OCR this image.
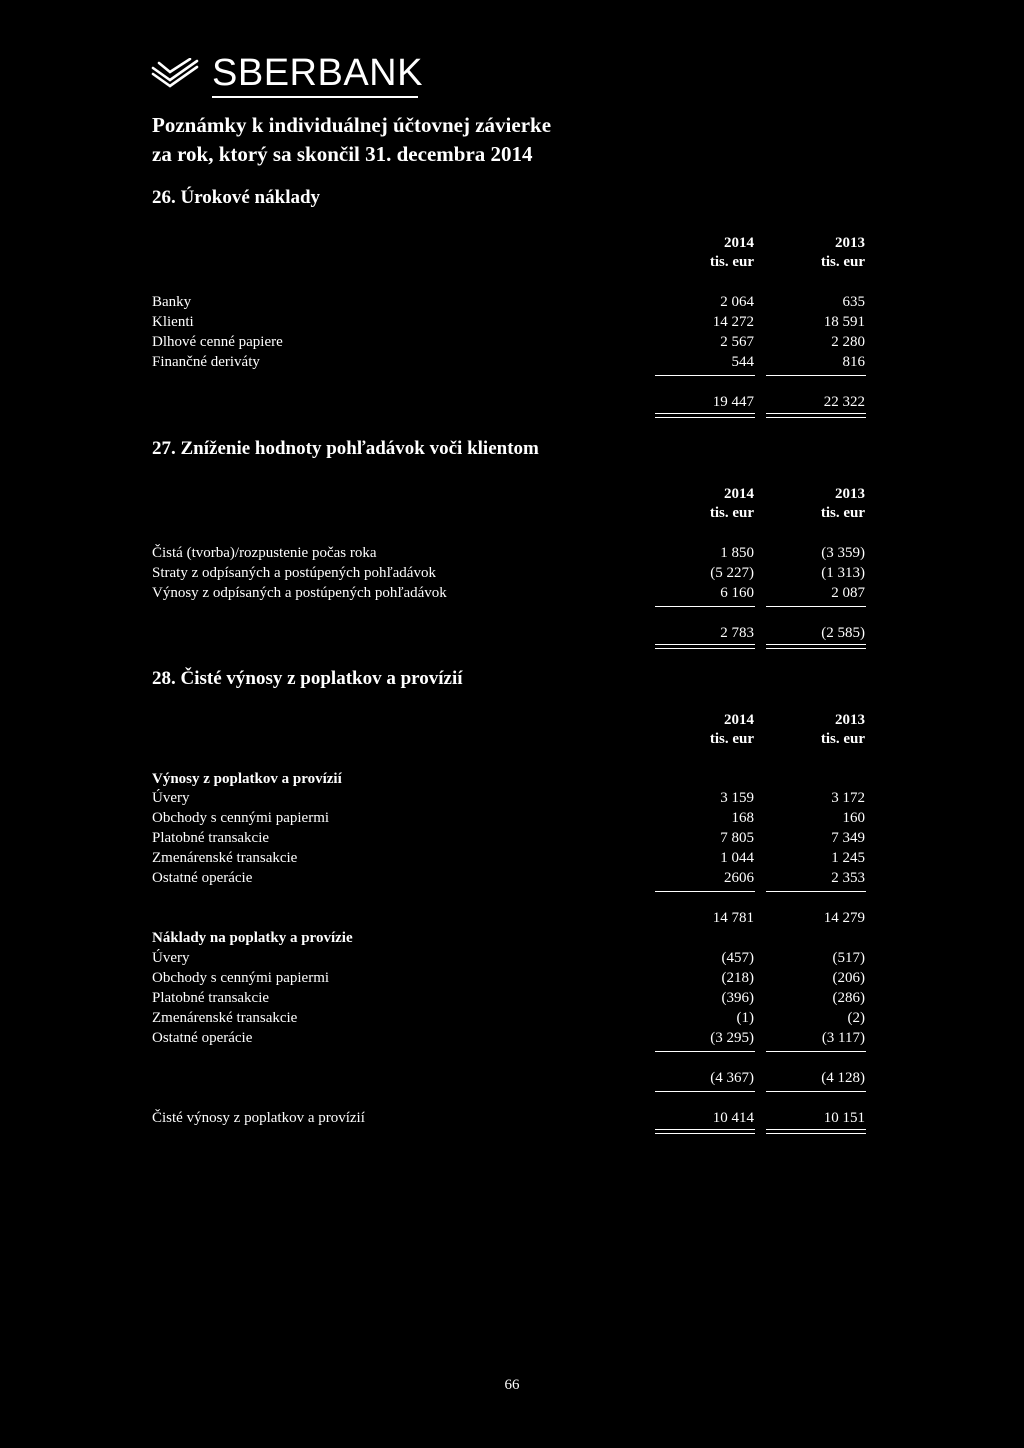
SBERBANK
Poznámky k individuálnej účtovnej závierke
za rok, ktorý sa skončil 31. decembra 2014
26. Úrokové náklady
2014	2013
tis. eur	tis. eur
Banky	2 064	635
Klienti	14 272	18 591
Dlhové cenné papiere	2 567	2 280
Finančné deriváty	544	816
19 447	22 322
27. Zníženie hodnoty pohľadávok voči klientom
2014	2013
tis. eur	tis. eur
Čistá (tvorba)/rozpustenie počas roka	1 850	(3 359)
Straty z odpísaných a postúpených pohľadávok	(5 227)	(1 313)
Výnosy z odpísaných a postúpených pohľadávok	6 160	2 087
2 783	(2 585)
28. Čisté výnosy z poplatkov a provízií
2014	2013
tis. eur	tis. eur
Výnosy z poplatkov a provízií
Úvery	3 159	3 172
Obchody s cennými papiermi	168	160
Platobné transakcie	7 805	7 349
Zmenárenské transakcie	1 044	1 245
Ostatné operácie	2606	2 353
14 781	14 279
Náklady na poplatky a provízie
Úvery	(457)	(517)
Obchody s cennými papiermi	(218)	(206)
Platobné transakcie	(396)	(286)
Zmenárenské transakcie	(1)	(2)
Ostatné operácie	(3 295)	(3 117)
(4 367)	(4 128)
Čisté výnosy z poplatkov a provízií	10 414	10 151
66
